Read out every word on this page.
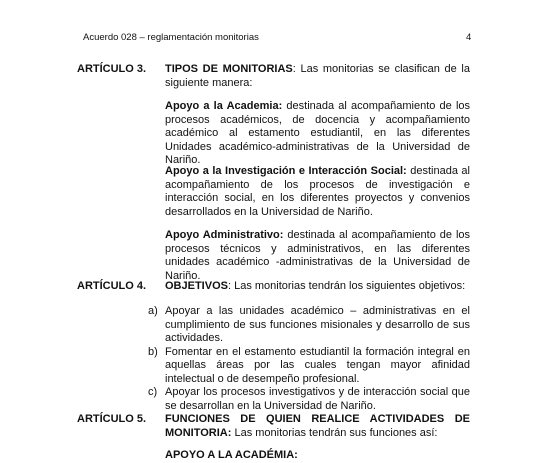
Acuerdo 028 – reglamentación monitorias	4
ARTÍCULO 3. TIPOS DE MONITORIAS: Las monitorias se clasifican de la siguiente manera:

Apoyo a la Academia: destinada al acompañamiento de los procesos académicos, de docencia y acompañamiento académico al estamento estudiantil, en las diferentes Unidades académico-administrativas de la Universidad de Nariño.

Apoyo a la Investigación e Interacción Social: destinada al acompañamiento de los procesos de investigación e interacción social, en los diferentes proyectos y convenios desarrollados en la Universidad de Nariño.

Apoyo Administrativo: destinada al acompañamiento de los procesos técnicos y administrativos, en las diferentes unidades académico -administrativas de la Universidad de Nariño.

ARTÍCULO 4. OBJETIVOS: Las monitorias tendrán los siguientes objetivos:

a) Apoyar a las unidades académico – administrativas en el cumplimiento de sus funciones misionales y desarrollo de sus actividades.
b) Fomentar en el estamento estudiantil la formación integral en aquellas áreas por las cuales tengan mayor afinidad intelectual o de desempeño profesional.
c) Apoyar los procesos investigativos y de interacción social que se desarrollan en la Universidad de Nariño.
ARTÍCULO 5. FUNCIONES DE QUIEN REALICE ACTIVIDADES DE MONITORIA: Las monitorias tendrán sus funciones así:

APOYO A LA ACADÉMIA:
